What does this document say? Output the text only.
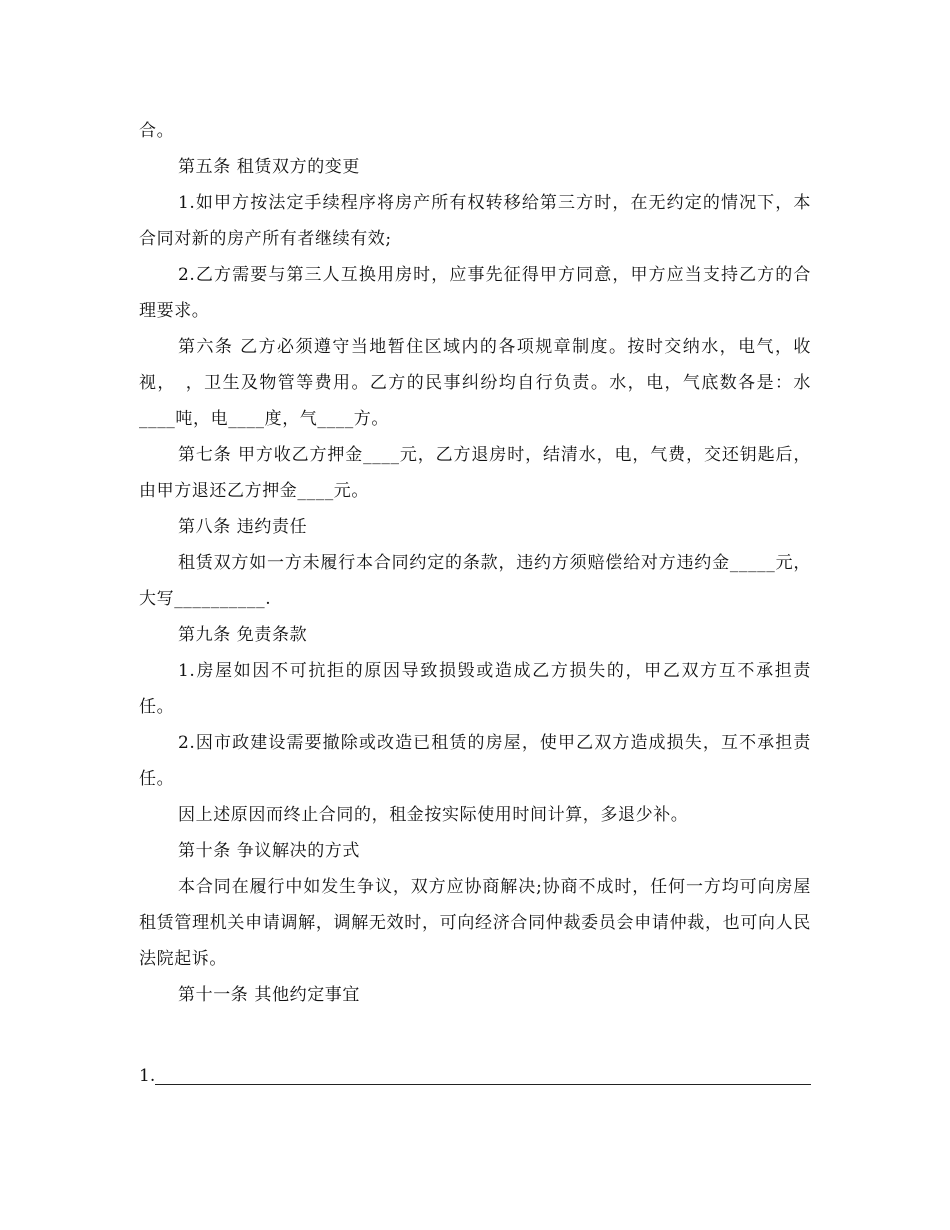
合。

第五条 租赁双方的变更

1.如甲方按法定手续程序将房产所有权转移给第三方时，在无约定的情况下，本合同对新的房产所有者继续有效;

2.乙方需要与第三人互换用房时，应事先征得甲方同意，甲方应当支持乙方的合理要求。

第六条 乙方必须遵守当地暂住区域内的各项规章制度。按时交纳水，电气，收视，　，卫生及物管等费用。乙方的民事纠纷均自行负责。水，电，气底数各是：水____吨，电____度，气____方。

第七条 甲方收乙方押金____元，乙方退房时，结清水，电，气费，交还钥匙后，由甲方退还乙方押金____元。

第八条 违约责任

租赁双方如一方未履行本合同约定的条款，违约方须赔偿给对方违约金_____元，大写__________.

第九条 免责条款

1.房屋如因不可抗拒的原因导致损毁或造成乙方损失的，甲乙双方互不承担责任。

2.因市政建设需要撤除或改造已租赁的房屋，使甲乙双方造成损失，互不承担责任。

因上述原因而终止合同的，租金按实际使用时间计算，多退少补。

第十条 争议解决的方式

本合同在履行中如发生争议，双方应协商解决;协商不成时，任何一方均可向房屋租赁管理机关申请调解，调解无效时，可向经济合同仲裁委员会申请仲裁，也可向人民法院起诉。

第十一条 其他约定事宜

1.
